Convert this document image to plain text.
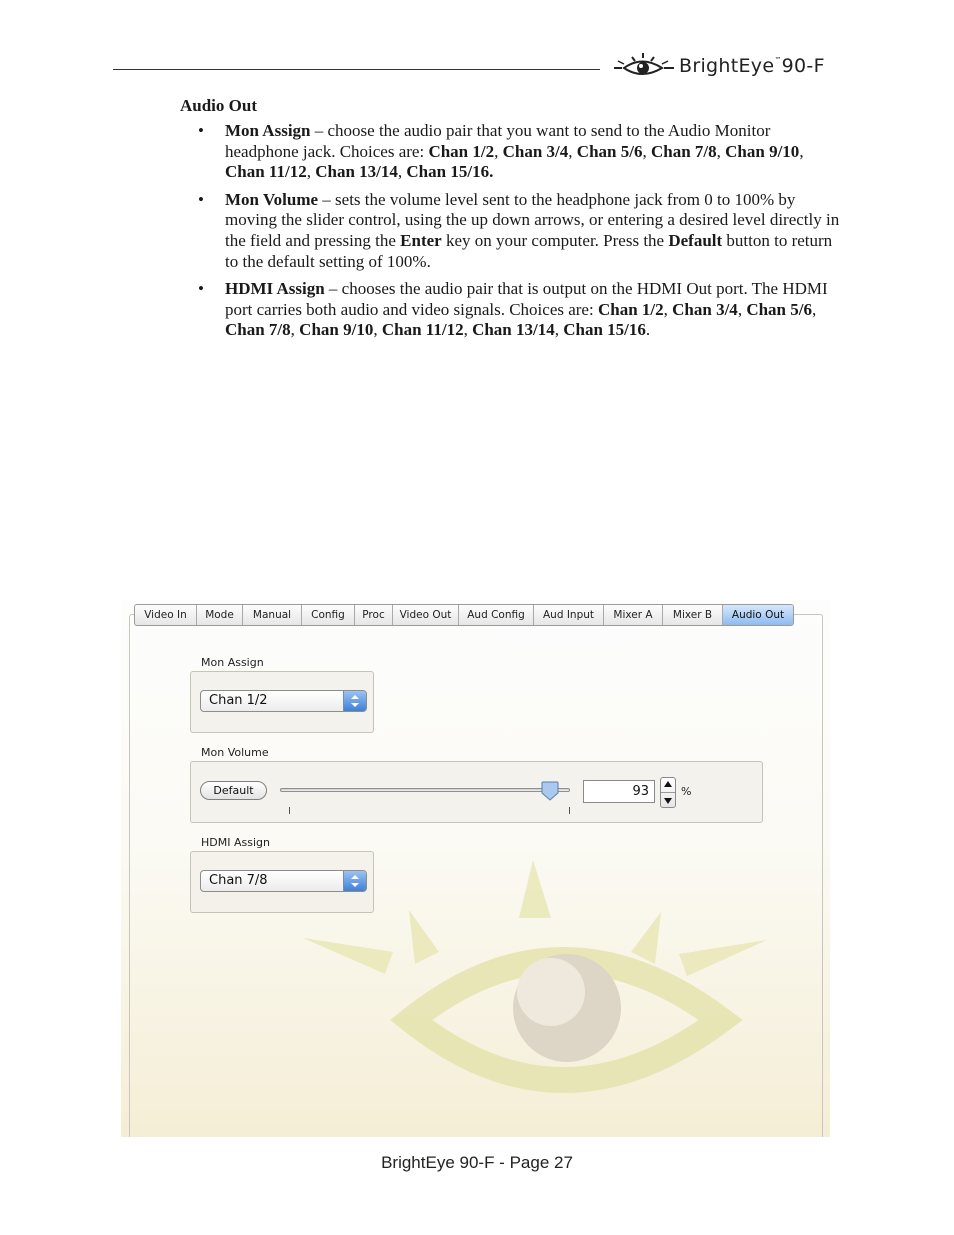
BrightEye™90-F
Audio Out
• Mon Assign – choose the audio pair that you want to send to the Audio Monitor headphone jack. Choices are: Chan 1/2, Chan 3/4, Chan 5/6, Chan 7/8, Chan 9/10, Chan 11/12, Chan 13/14, Chan 15/16.
• Mon Volume – sets the volume level sent to the headphone jack from 0 to 100% by moving the slider control, using the up down arrows, or entering a desired level directly in the field and pressing the Enter key on your computer. Press the Default button to return to the default setting of 100%.
• HDMI Assign – chooses the audio pair that is output on the HDMI Out port. The HDMI port carries both audio and video signals. Choices are: Chan 1/2, Chan 3/4, Chan 5/6, Chan 7/8, Chan 9/10, Chan 11/12, Chan 13/14, Chan 15/16.
Video In	Mode	Manual	Config	Proc	Video Out	Aud Config	Aud Input	Mixer A	Mixer B	Audio Out
Mon Assign
Chan 1/2
Mon Volume
Default	93	%
HDMI Assign
Chan 7/8
BrightEye 90-F - Page 27
